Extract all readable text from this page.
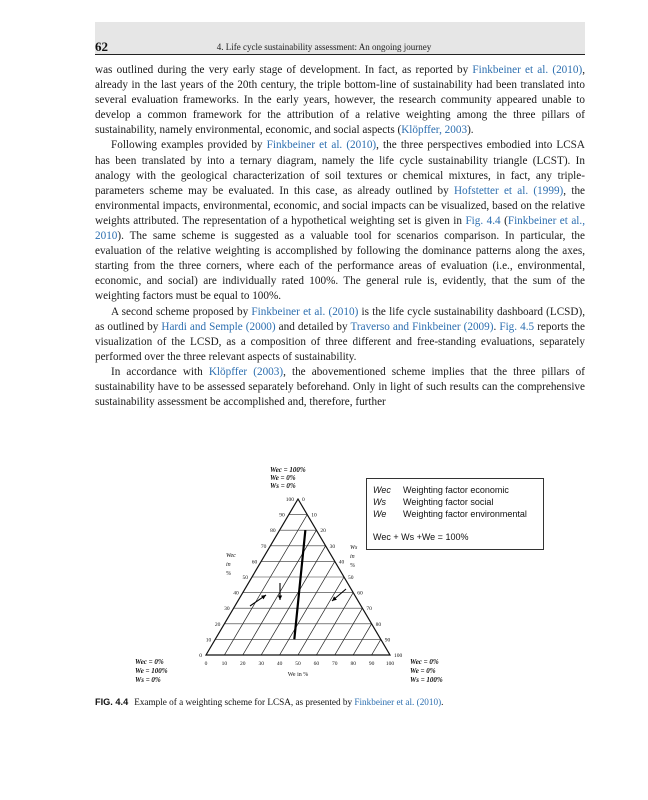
62	4. Life cycle sustainability assessment: An ongoing journey

was outlined during the very early stage of development. In fact, as reported by Finkbeiner et al. (2010), already in the last years of the 20th century, the triple bottom-line of sustainability had been translated into several evaluation frameworks. In the early years, however, the research community appeared unable to develop a common framework for the attribution of a relative weighting among the three pillars of sustainability, namely environmental, economic, and social aspects (Klöpffer, 2003).

Following examples provided by Finkbeiner et al. (2010), the three perspectives embodied into LCSA has been translated by into a ternary diagram, namely the life cycle sustainability triangle (LCST). In analogy with the geological characterization of soil textures or chemical mixtures, in fact, any triple-parameters scheme may be evaluated. In this case, as already outlined by Hofstetter et al. (1999), the environmental impacts, environmental, economic, and social impacts can be visualized, based on the relative weights attributed. The representation of a hypothetical weighting set is given in Fig. 4.4 (Finkbeiner et al., 2010). The same scheme is suggested as a valuable tool for scenarios comparison. In particular, the evaluation of the relative weighting is accomplished by following the dominance patterns along the axes, starting from the three corners, where each of the performance areas of evaluation (i.e., environmental, economic, and social) are individually rated 100%. The general rule is, evidently, that the sum of the weighting factors must be equal to 100%.

A second scheme proposed by Finkbeiner et al. (2010) is the life cycle sustainability dashboard (LCSD), as outlined by Hardi and Semple (2000) and detailed by Traverso and Finkbeiner (2009). Fig. 4.5 reports the visualization of the LCSD, as a composition of three different and free-standing evaluations, separately performed over the three relevant aspects of sustainability.

In accordance with Klöpffer (2003), the abovementioned scheme implies that the three pillars of sustainability have to be assessed separately beforehand. Only in light of such results can the comprehensive sustainability assessment be accomplished and, therefore, further

0
0
100
10
10
90
20
20
80
30
30
70
40
40
60
50	50
50
60
60
40
70
70
30
80
80
20
90
90
10
100
100
0
Wec = 100%
We = 0%
Ws = 0%
Wec = 0%
We = 100%
Ws = 0%
Wec = 0%
We = 0%
Ws = 100%
Wec
in
%
Ws
in
%
We in %
Wec Weighting factor economic
Ws Weighting factor social
We Weighting factor environmental
Wec + Ws +We = 100%
FIG. 4.4 Example of a weighting scheme for LCSA, as presented by Finkbeiner et al. (2010).
